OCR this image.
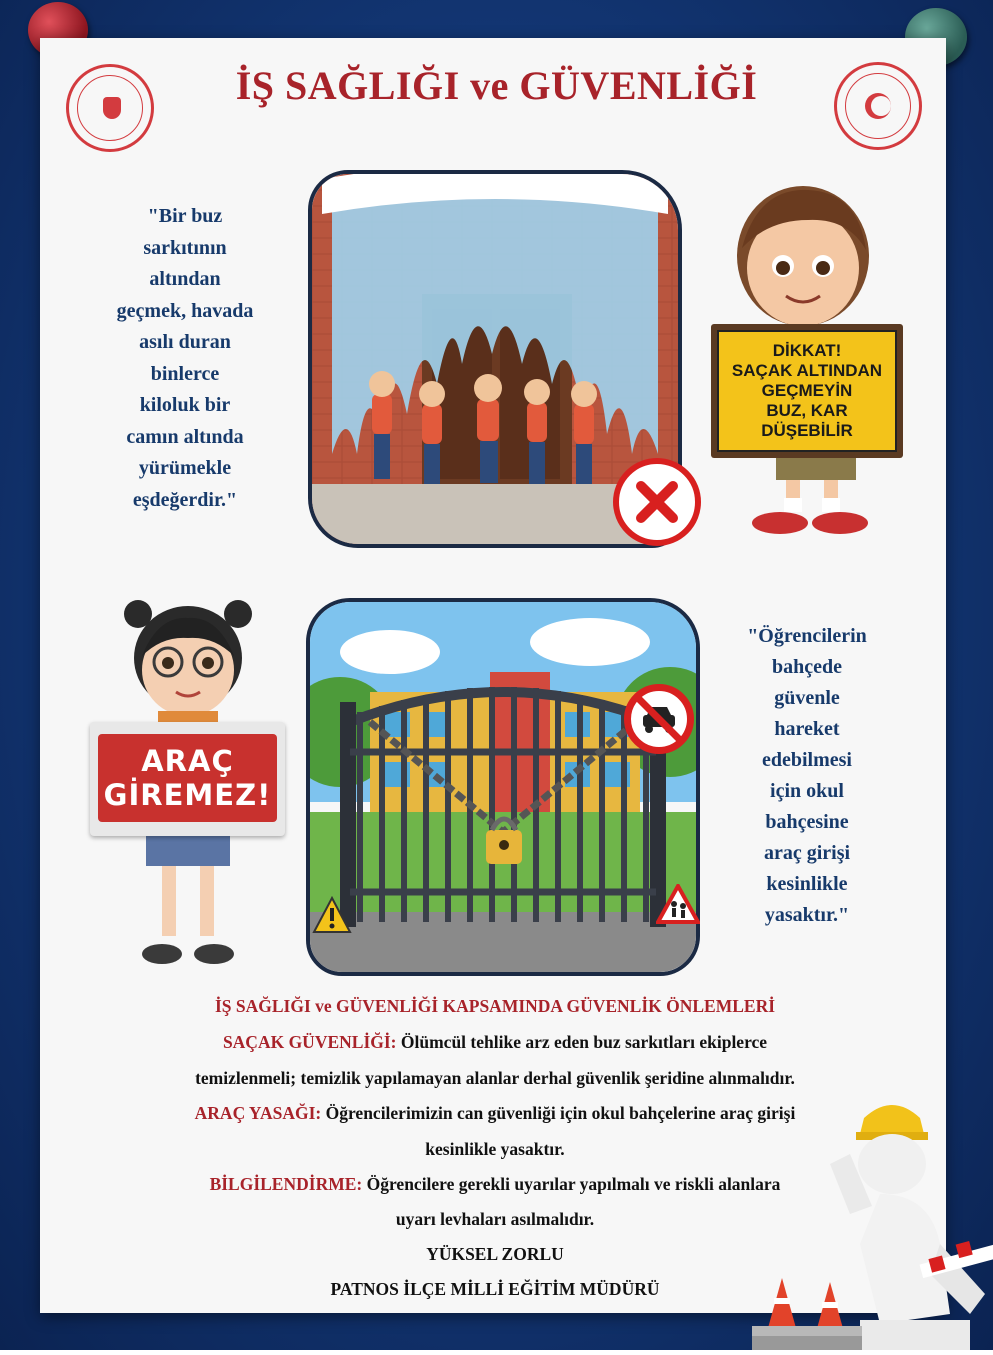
İŞ SAĞLIĞI ve GÜVENLİĞİ
"Bir buz
sarkıtının
altından
geçmek, havada
asılı duran
binlerce
kiloluk bir
camın altında
yürümekle
eşdeğerdir."
DİKKAT!
SAÇAK ALTINDAN
GEÇMEYİN
BUZ, KAR
DÜŞEBİLİR
ARAÇ
GİREMEZ!
"Öğrencilerin
bahçede
güvenle
hareket
edebilmesi
için okul
bahçesine
araç girişi
kesinlikle
yasaktır."
İŞ SAĞLIĞI ve GÜVENLİĞİ KAPSAMINDA GÜVENLİK ÖNLEMLERİ
SAÇAK GÜVENLİĞİ: Ölümcül tehlike arz eden buz sarkıtları ekiplerce
temizlenmeli; temizlik yapılamayan alanlar derhal güvenlik şeridine alınmalıdır.
ARAÇ YASAĞI: Öğrencilerimizin can güvenliği için okul bahçelerine araç girişi
kesinlikle yasaktır.
BİLGİLENDİRME: Öğrencilere gerekli uyarılar yapılmalı ve riskli alanlara
uyarı levhaları asılmalıdır.
YÜKSEL ZORLU
PATNOS İLÇE MİLLİ EĞİTİM MÜDÜRÜ
